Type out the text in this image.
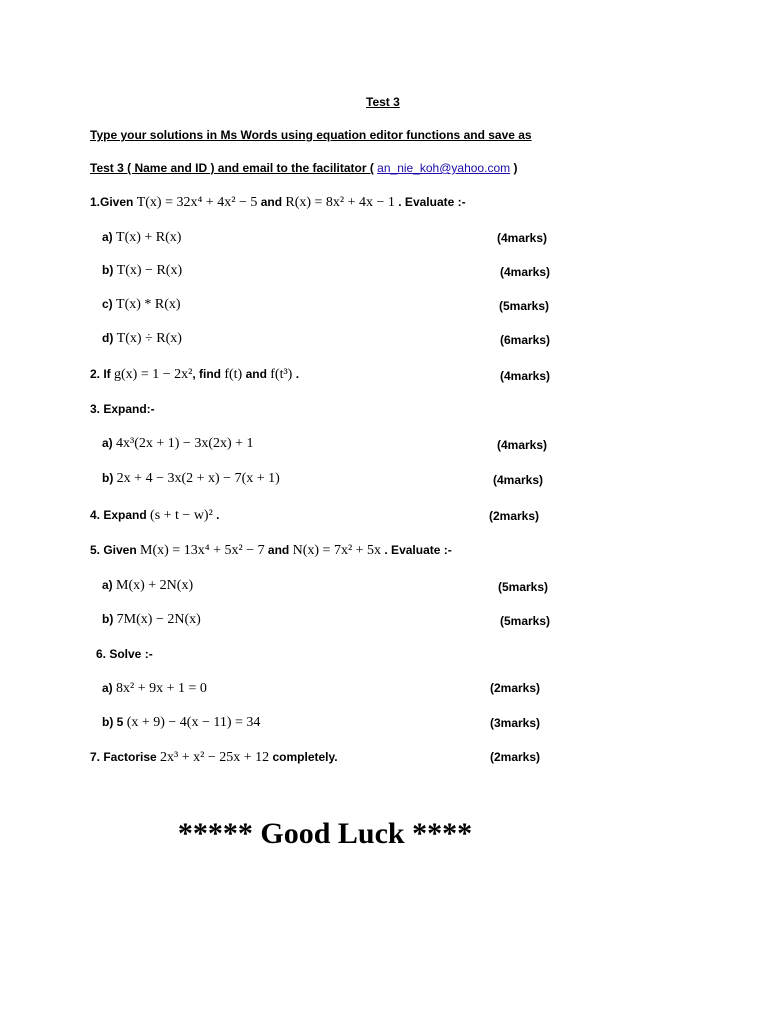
Test 3
Type your solutions in Ms Words using equation editor functions and save as
Test 3 ( Name and ID ) and email to the facilitator ( an_nie_koh@yahoo.com )
1.Given T(x) = 32x⁴ + 4x² − 5 and R(x) = 8x² + 4x − 1 . Evaluate :-
a) T(x) + R(x)	(4marks)
b) T(x) − R(x)	(4marks)
c) T(x) * R(x)	(5marks)
d) T(x) ÷ R(x)	(6marks)
2. If g(x) = 1 − 2x², find f(t) and f(t³) .	(4marks)
3. Expand:-
a) 4x³(2x + 1) − 3x(2x) + 1	(4marks)
b) 2x + 4 − 3x(2 + x) − 7(x + 1)	(4marks)
4. Expand (s + t − w)² .	(2marks)
5. Given M(x) = 13x⁴ + 5x² − 7 and N(x) = 7x² + 5x . Evaluate :-
a) M(x) + 2N(x)	(5marks)
b) 7M(x) − 2N(x)	(5marks)
6. Solve :-
a) 8x² + 9x + 1 = 0	(2marks)
b) 5 (x + 9) − 4(x − 11) = 34	(3marks)
7. Factorise 2x³ + x² − 25x + 12 completely.	(2marks)
***** Good Luck ****
